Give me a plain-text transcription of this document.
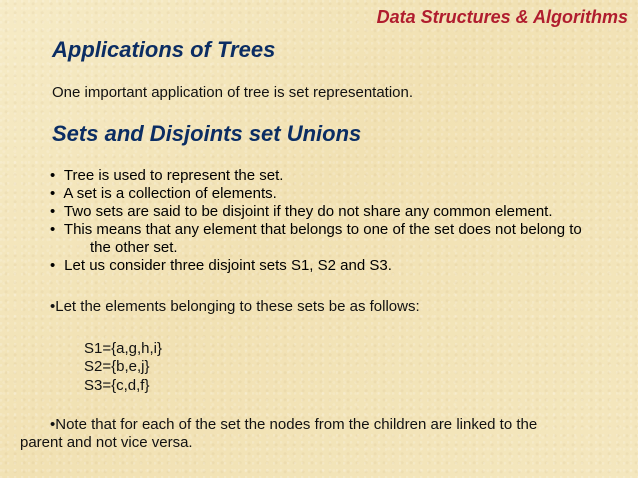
Data Structures & Algorithms
Applications of Trees
One important application of tree is set representation.
Sets and Disjoints set Unions
• Tree is used to represent the set.
• A set is a collection of elements.
• Two sets are said to be disjoint if they do not share any common element.
• This means that any element that belongs to one of the set does not belong to
the other set.
• Let us consider three disjoint sets S1, S2 and S3.
•Let the elements belonging to these sets be as follows:
S1={a,g,h,i}
S2={b,e,j}
S3={c,d,f}
•Note that for each of the set the nodes from the children are linked to the
parent and not vice versa.
